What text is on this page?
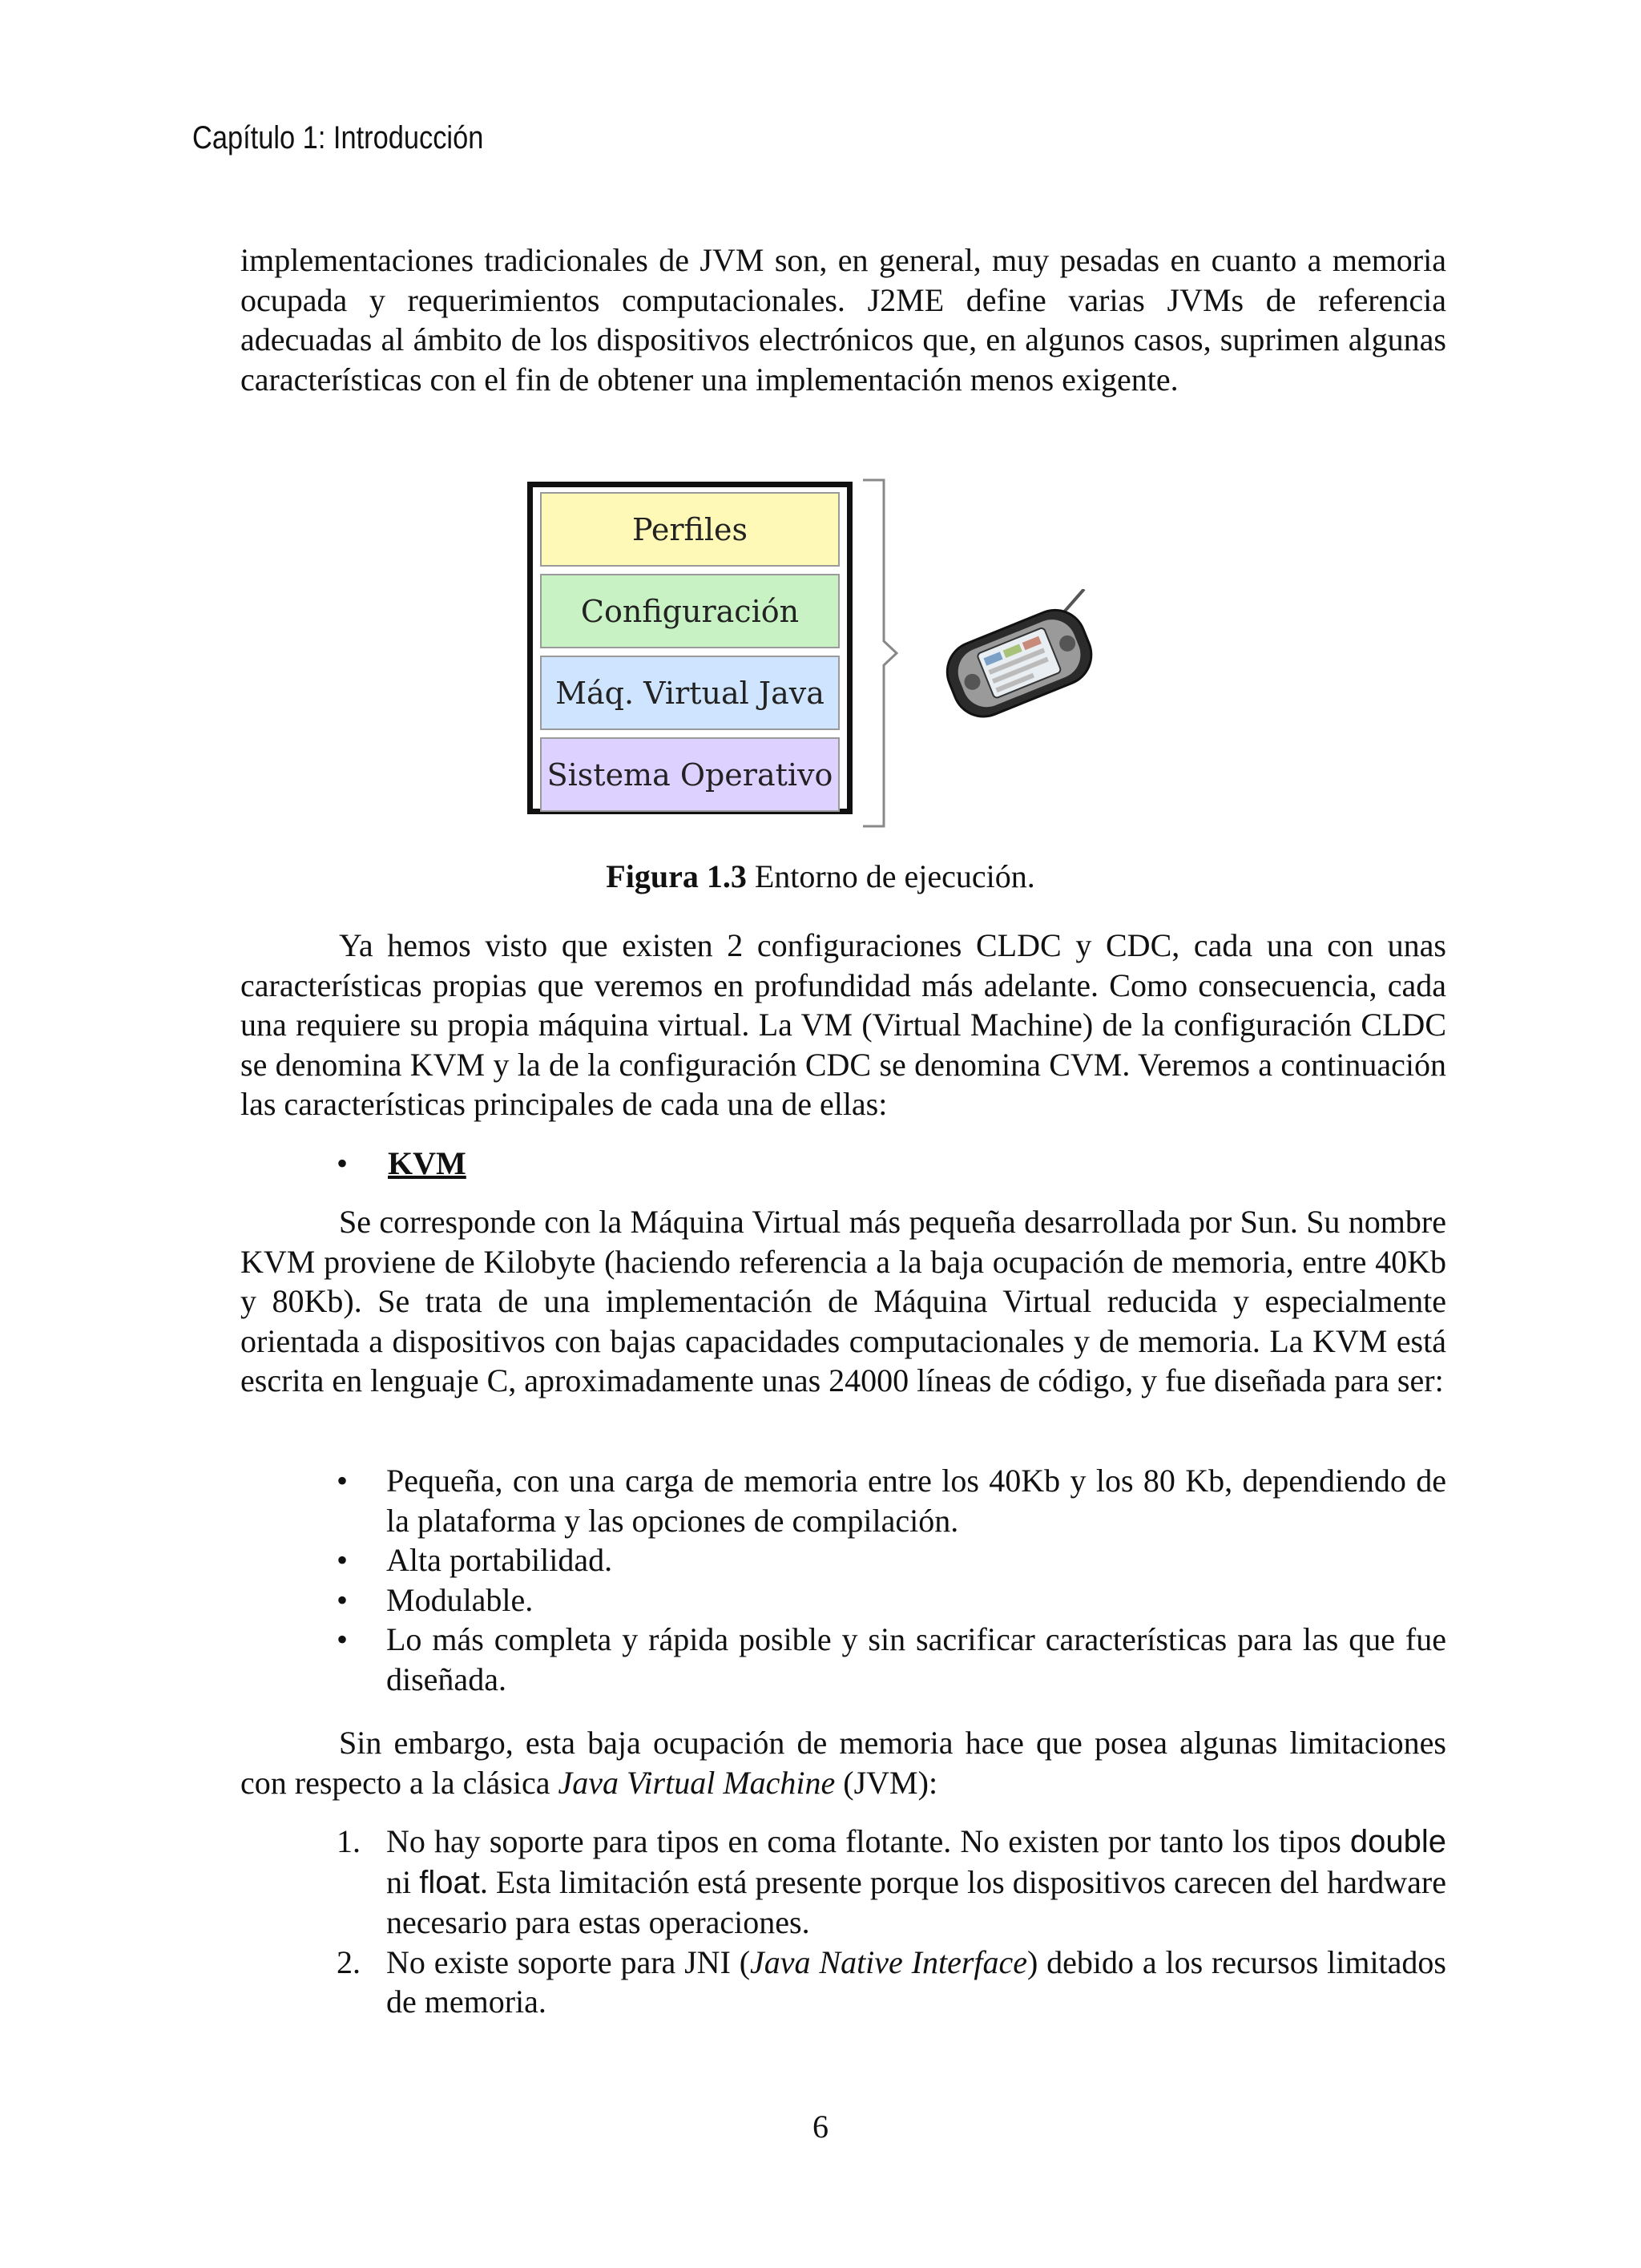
Capítulo 1: Introducción

implementaciones tradicionales de JVM son, en general, muy pesadas en cuanto a memoria ocupada y requerimientos computacionales. J2ME define varias JVMs de referencia adecuadas al ámbito de los dispositivos electrónicos que, en algunos casos, suprimen algunas características con el fin de obtener una implementación menos exigente.

Perfiles
Configuración
Máq. Virtual Java
Sistema Operativo
Figura 1.3 Entorno de ejecución.

Ya hemos visto que existen 2 configuraciones CLDC y CDC, cada una con unas características propias que veremos en profundidad más adelante. Como consecuencia, cada una requiere su propia máquina virtual. La VM (Virtual Machine) de la configuración CLDC se denomina KVM y la de la configuración CDC se denomina CVM. Veremos a continuación las características principales de cada una de ellas:

• KVM

Se corresponde con la Máquina Virtual más pequeña desarrollada por Sun. Su nombre KVM proviene de Kilobyte (haciendo referencia a la baja ocupación de memoria, entre 40Kb y 80Kb). Se trata de una implementación de Máquina Virtual reducida y especialmente orientada a dispositivos con bajas capacidades computacionales y de memoria. La KVM está escrita en lenguaje C, aproximadamente unas 24000 líneas de código, y fue diseñada para ser:

• Pequeña, con una carga de memoria entre los 40Kb y los 80 Kb, dependiendo de la plataforma y las opciones de compilación.
• Alta portabilidad.
• Modulable.
• Lo más completa y rápida posible y sin sacrificar características para las que fue diseñada.

Sin embargo, esta baja ocupación de memoria hace que posea algunas limitaciones con respecto a la clásica Java Virtual Machine (JVM):

1. No hay soporte para tipos en coma flotante. No existen por tanto los tipos double ni float. Esta limitación está presente porque los dispositivos carecen del hardware necesario para estas operaciones.
2. No existe soporte para JNI (Java Native Interface) debido a los recursos limitados de memoria.
6
